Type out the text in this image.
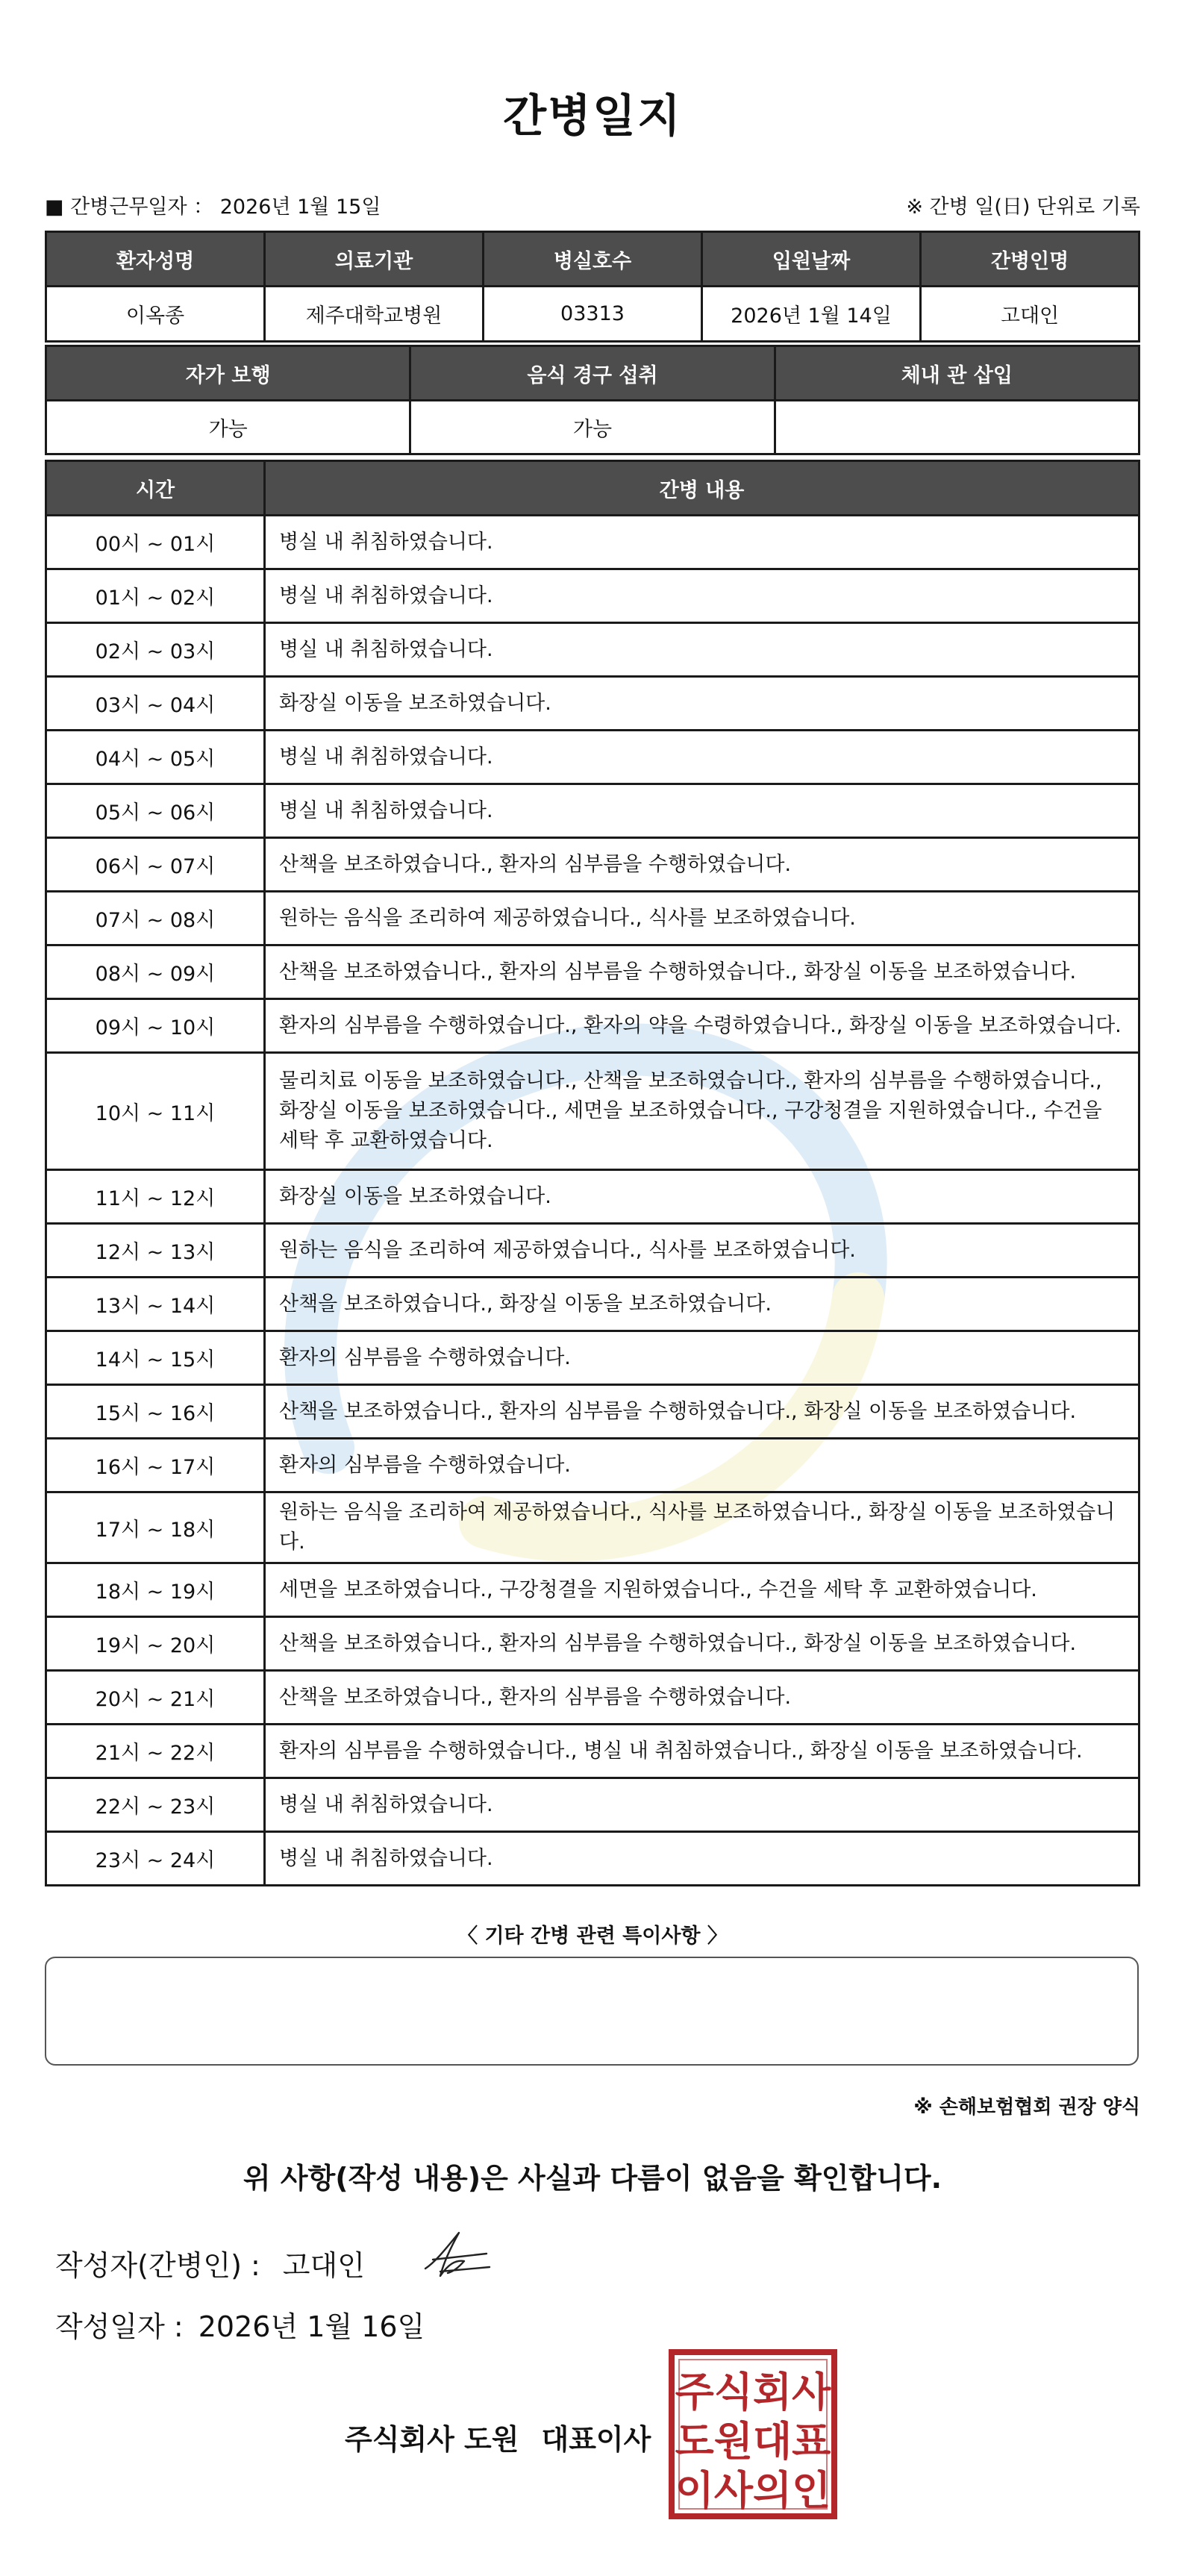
간병일지
■ 간병근무일자 ： 2026년 1월 15일	※ 간병 일(日) 단위로 기록
환자성명	의료기관	병실호수	입원날짜	간병인명
이옥종	제주대학교병원	03313	2026년 1월 14일	고대인
자가 보행	음식 경구 섭취	체내 관 삽입
가능	가능	
시간	간병 내용
00시 ~ 01시	병실 내 취침하였습니다.
01시 ~ 02시	병실 내 취침하였습니다.
02시 ~ 03시	병실 내 취침하였습니다.
03시 ~ 04시	화장실 이동을 보조하였습니다.
04시 ~ 05시	병실 내 취침하였습니다.
05시 ~ 06시	병실 내 취침하였습니다.
06시 ~ 07시	산책을 보조하였습니다., 환자의 심부름을 수행하였습니다.
07시 ~ 08시	원하는 음식을 조리하여 제공하였습니다., 식사를 보조하였습니다.
08시 ~ 09시	산책을 보조하였습니다., 환자의 심부름을 수행하였습니다., 화장실 이동을 보조하였습니다.
09시 ~ 10시	환자의 심부름을 수행하였습니다., 환자의 약을 수령하였습니다., 화장실 이동을 보조하였습니다.
10시 ~ 11시	물리치료 이동을 보조하였습니다., 산책을 보조하였습니다., 환자의 심부름을 수행하였습니다., 화장실 이동을 보조하였습니다., 세면을 보조하였습니다., 구강청결을 지원하였습니다., 수건을 세탁 후 교환하였습니다.
11시 ~ 12시	화장실 이동을 보조하였습니다.
12시 ~ 13시	원하는 음식을 조리하여 제공하였습니다., 식사를 보조하였습니다.
13시 ~ 14시	산책을 보조하였습니다., 화장실 이동을 보조하였습니다.
14시 ~ 15시	환자의 심부름을 수행하였습니다.
15시 ~ 16시	산책을 보조하였습니다., 환자의 심부름을 수행하였습니다., 화장실 이동을 보조하였습니다.
16시 ~ 17시	환자의 심부름을 수행하였습니다.
17시 ~ 18시	원하는 음식을 조리하여 제공하였습니다., 식사를 보조하였습니다., 화장실 이동을 보조하였습니다.
18시 ~ 19시	세면을 보조하였습니다., 구강청결을 지원하였습니다., 수건을 세탁 후 교환하였습니다.
19시 ~ 20시	산책을 보조하였습니다., 환자의 심부름을 수행하였습니다., 화장실 이동을 보조하였습니다.
20시 ~ 21시	산책을 보조하였습니다., 환자의 심부름을 수행하였습니다.
21시 ~ 22시	환자의 심부름을 수행하였습니다., 병실 내 취침하였습니다., 화장실 이동을 보조하였습니다.
22시 ~ 23시	병실 내 취침하였습니다.
23시 ~ 24시	병실 내 취침하였습니다.
〈 기타 간병 관련 특이사항 〉
※ 손해보험협회 권장 양식
위 사항(작성 내용)은 사실과 다름이 없음을 확인합니다.
작성자(간병인) : 고대인
작성일자 : 2026년 1월 16일
주식회사 도원 대표이사
주식회사
도원대표
이사의인
